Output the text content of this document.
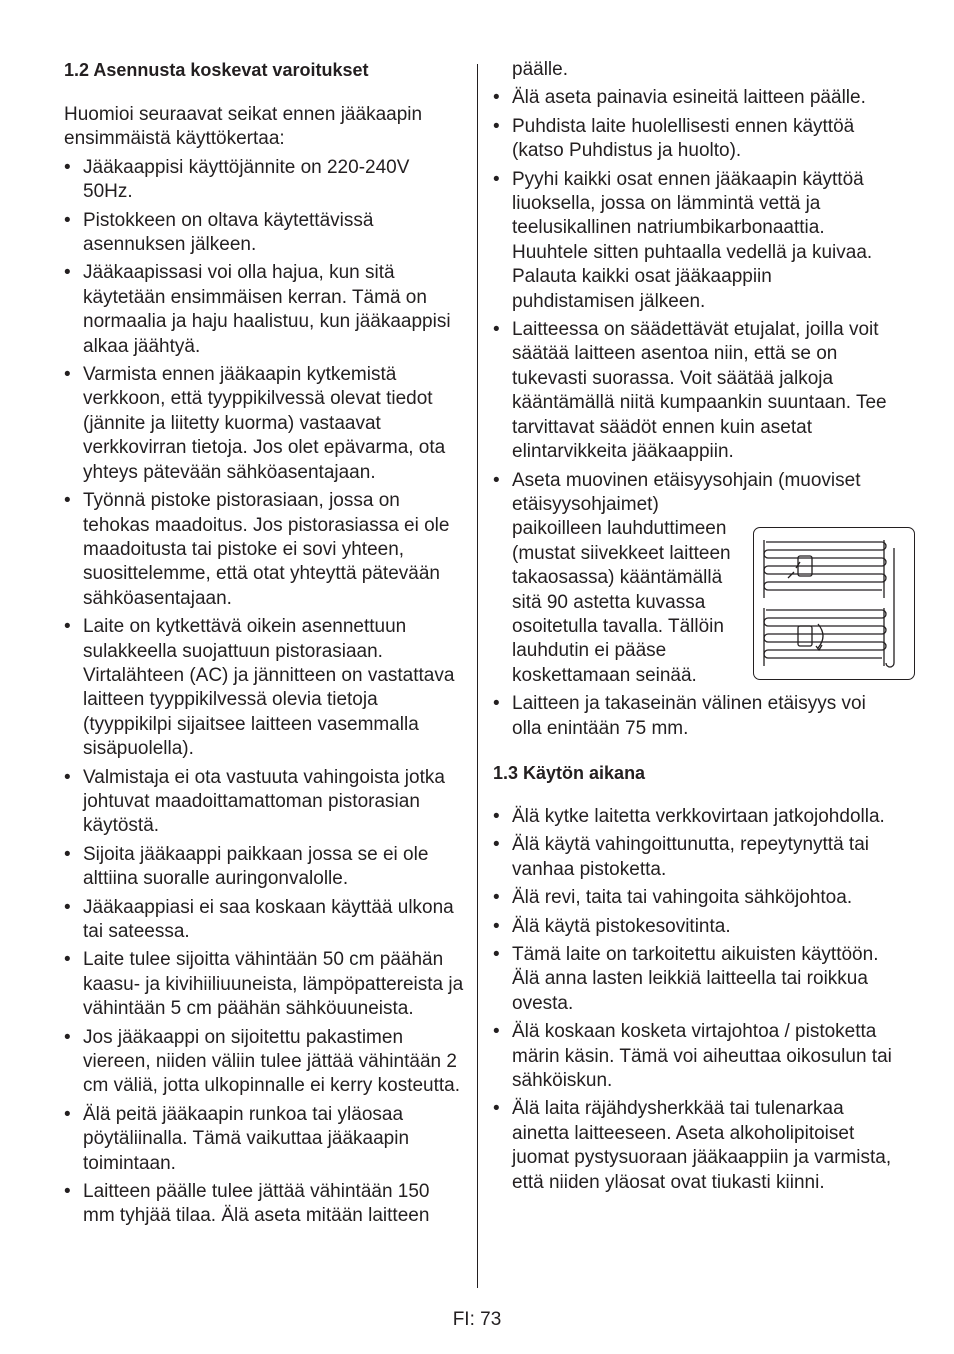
1.2 Asennusta koskevat varoitukset

Huomioi seuraavat seikat ennen jääkaapin ensimmäistä käyttökertaa:

• Jääkaappisi käyttöjännite on 220-240V 50Hz.
• Pistokkeen on oltava käytettävissä asennuksen jälkeen.
• Jääkaapissasi voi olla hajua, kun sitä käytetään ensimmäisen kerran. Tämä on normaalia ja haju haalistuu, kun jääkaappisi alkaa jäähtyä.
• Varmista ennen jääkaapin kytkemistä verkkoon, että tyyppikilvessä olevat tiedot (jännite ja liitetty kuorma) vastaavat verkkovirran tietoja. Jos olet epävarma, ota yhteys pätevään sähköasentajaan.
• Työnnä pistoke pistorasiaan, jossa on tehokas maadoitus. Jos pistorasiassa ei ole maadoitusta tai pistoke ei sovi yhteen, suosittelemme, että otat yhteyttä pätevään sähköasentajaan.
• Laite on kytkettävä oikein asennettuun sulakkeella suojattuun pistorasiaan. Virtalähteen (AC) ja jännitteen on vastattava laitteen tyyppikilvessä olevia tietoja (tyyppikilpi sijaitsee laitteen vasemmalla sisäpuolella).
• Valmistaja ei ota vastuuta vahingoista jotka johtuvat maadoittamattoman pistorasian käytöstä.
• Sijoita jääkaappi paikkaan jossa se ei ole alttiina suoralle auringonvalolle.
• Jääkaappiasi ei saa koskaan käyttää ulkona tai sateessa.
• Laite tulee sijoitta vähintään 50 cm päähän kaasu- ja kivihiiliuuneista, lämpöpattereista ja vähintään 5 cm päähän sähköuuneista.
• Jos jääkaappi on sijoitettu pakastimen viereen, niiden väliin tulee jättää vähintään 2 cm väliä, jotta ulkopinnalle ei kerry kosteutta.
• Älä peitä jääkaapin runkoa tai yläosaa pöytäliinalla. Tämä vaikuttaa jääkaapin toimintaan.
• Laitteen päälle tulee jättää vähintään 150 mm tyhjää tilaa. Älä aseta mitään laitteen

päälle.

• Älä aseta painavia esineitä laitteen päälle.
• Puhdista laite huolellisesti ennen käyttöä (katso Puhdistus ja huolto).
• Pyyhi kaikki osat ennen jääkaapin käyttöä liuoksella, jossa on lämmintä vettä ja teelusikallinen natriumbikarbonaattia. Huuhtele sitten puhtaalla vedellä ja kuivaa. Palauta kaikki osat jääkaappiin puhdistamisen jälkeen.
• Laitteessa on säädettävät etujalat, joilla voit säätää laitteen asentoa niin, että se on tukevasti suorassa. Voit säätää jalkoja kääntämällä niitä kumpaankin suuntaan. Tee tarvittavat säädöt ennen kuin asetat elintarvikkeita jääkaappiin.
• Aseta muovinen etäisyysohjain (muoviset
etäisyysohjaimet)
paikoilleen lauhduttimeen
(mustat siivekkeet laitteen
takaosassa) kääntämällä
sitä 90 astetta kuvassa
osoitetulla tavalla. Tällöin
lauhdutin ei pääse
koskettamaan seinää.
• Laitteen ja takaseinän välinen etäisyys voi olla enintään 75 mm.
1.3 Käytön aikana
• Älä kytke laitetta verkkovirtaan jatkojohdolla.
• Älä käytä vahingoittunutta, repeytynyttä tai vanhaa pistoketta.
• Älä revi, taita tai vahingoita sähköjohtoa.
• Älä käytä pistokesovitinta.
• Tämä laite on tarkoitettu aikuisten käyttöön. Älä anna lasten leikkiä laitteella tai roikkua ovesta.
• Älä koskaan kosketa virtajohtoa / pistoketta märin käsin. Tämä voi aiheuttaa oikosulun tai sähköiskun.
• Älä laita räjähdysherkkää tai tulenarkaa ainetta laitteeseen. Aseta alkoholipitoiset juomat pystysuoraan jääkaappiin ja varmista, että niiden yläosat ovat tiukasti kiinni.
FI: 73
